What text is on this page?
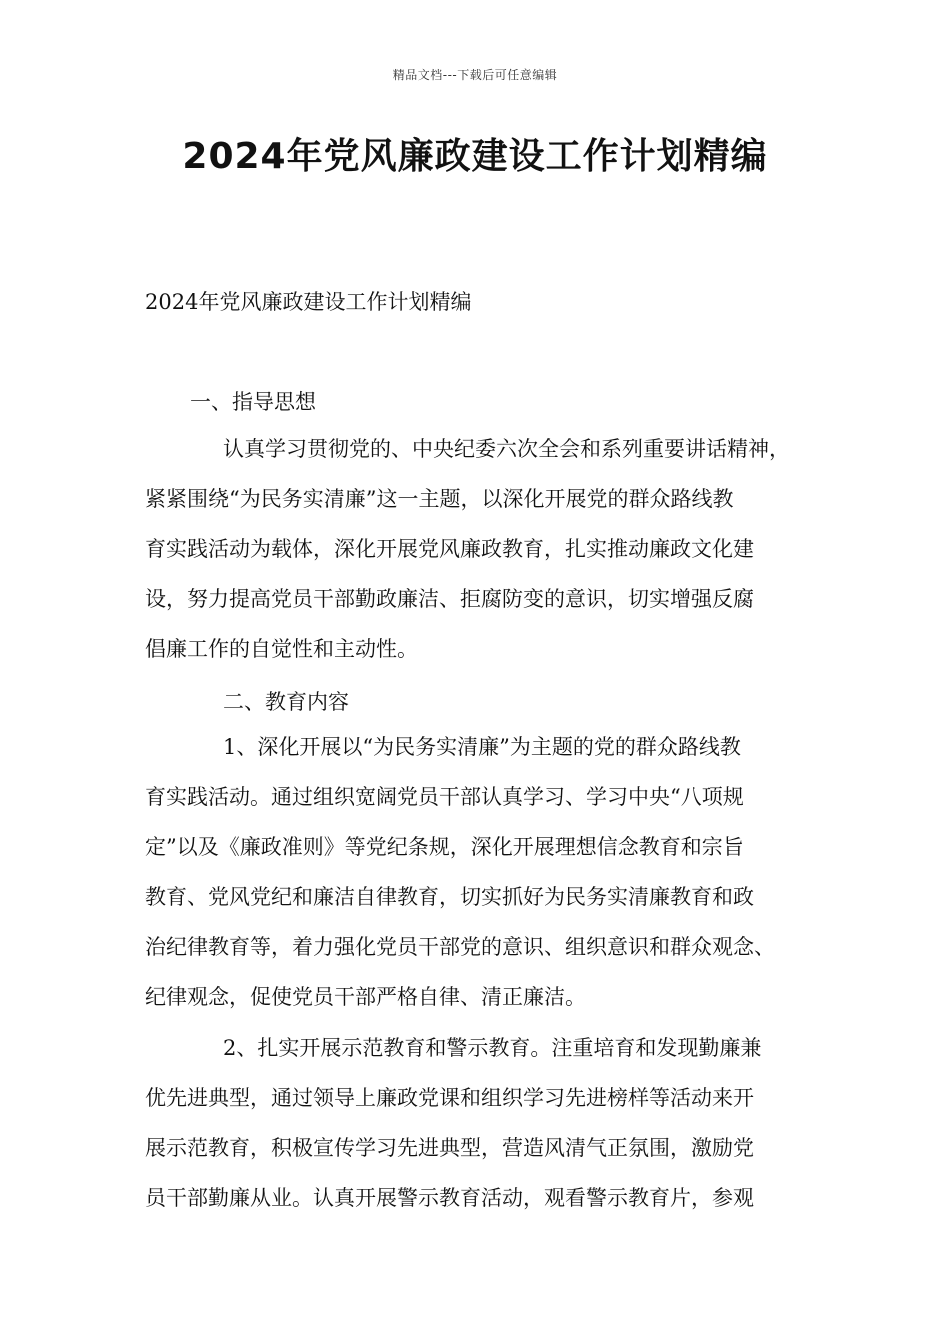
精品文档---下载后可任意编辑
2024年党风廉政建设工作计划精编
2024年党风廉政建设工作计划精编
一、指导思想
认真学习贯彻党的、中央纪委六次全会和系列重要讲话精神，
紧紧围绕“为民务实清廉”这一主题，以深化开展党的群众路线教
育实践活动为载体，深化开展党风廉政教育，扎实推动廉政文化建
设，努力提高党员干部勤政廉洁、拒腐防变的意识，切实增强反腐
倡廉工作的自觉性和主动性。
二、教育内容
1、深化开展以“为民务实清廉”为主题的党的群众路线教
育实践活动。通过组织宽阔党员干部认真学习、学习中央“八项规
定”以及《廉政准则》等党纪条规，深化开展理想信念教育和宗旨
教育、党风党纪和廉洁自律教育，切实抓好为民务实清廉教育和政
治纪律教育等，着力强化党员干部党的意识、组织意识和群众观念、
纪律观念，促使党员干部严格自律、清正廉洁。
2、扎实开展示范教育和警示教育。注重培育和发现勤廉兼
优先进典型，通过领导上廉政党课和组织学习先进榜样等活动来开
展示范教育，积极宣传学习先进典型，营造风清气正氛围，激励党
员干部勤廉从业。认真开展警示教育活动，观看警示教育片，参观
